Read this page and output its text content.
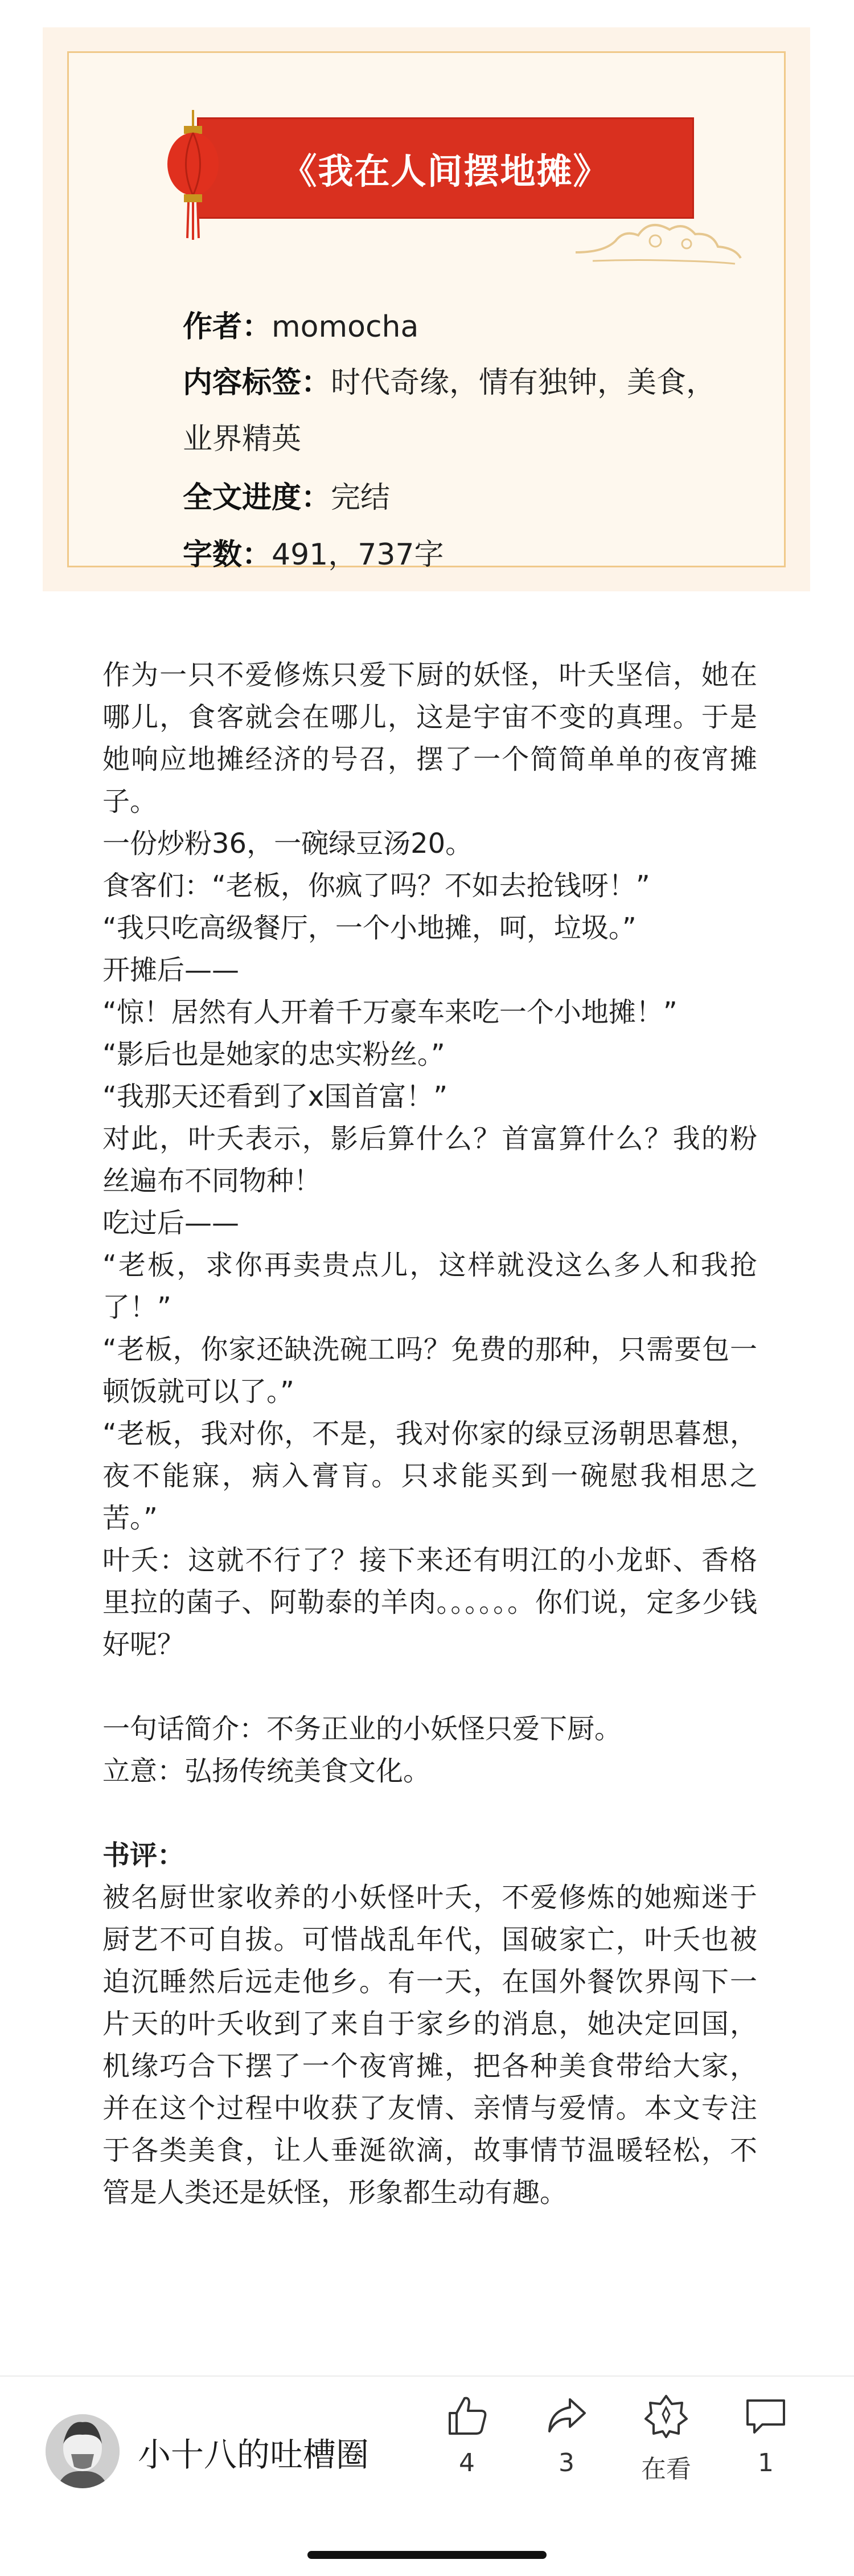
《我在人间摆地摊》
作者：momocha
内容标签：时代奇缘，情有独钟，美食，
业界精英
全文进度：完结
字数：491，737字

作为一只不爱修炼只爱下厨的妖怪，叶夭坚信，她在哪儿，食客就会在哪儿，这是宇宙不变的真理。于是她响应地摊经济的号召，摆了一个简简单单的夜宵摊子。

一份炒粉36，一碗绿豆汤20。

食客们：“老板，你疯了吗？不如去抢钱呀！”

“我只吃高级餐厅，一个小地摊，呵，垃圾。”

开摊后——

“惊！居然有人开着千万豪车来吃一个小地摊！”

“影后也是她家的忠实粉丝。”

“我那天还看到了x国首富！”

对此，叶夭表示，影后算什么？首富算什么？我的粉丝遍布不同物种！

吃过后——

“老板，求你再卖贵点儿，这样就没这么多人和我抢了！”

“老板，你家还缺洗碗工吗？免费的那种，只需要包一顿饭就可以了。”

“老板，我对你，不是，我对你家的绿豆汤朝思暮想，夜不能寐，病入膏肓。只求能买到一碗慰我相思之苦。”

叶夭：这就不行了？接下来还有明江的小龙虾、香格里拉的菌子、阿勒泰的羊肉。。。。。。你们说，定多少钱好呢？

一句话简介：不务正业的小妖怪只爱下厨。

立意：弘扬传统美食文化。

书评：

被名厨世家收养的小妖怪叶夭，不爱修炼的她痴迷于厨艺不可自拔。可惜战乱年代，国破家亡，叶夭也被迫沉睡然后远走他乡。有一天，在国外餐饮界闯下一片天的叶夭收到了来自于家乡的消息，她决定回国，机缘巧合下摆了一个夜宵摊，把各种美食带给大家，并在这个过程中收获了友情、亲情与爱情。本文专注于各类美食，让人垂涎欲滴，故事情节温暖轻松，不管是人类还是妖怪，形象都生动有趣。

小十八的吐槽圈	4	3	在看	1
